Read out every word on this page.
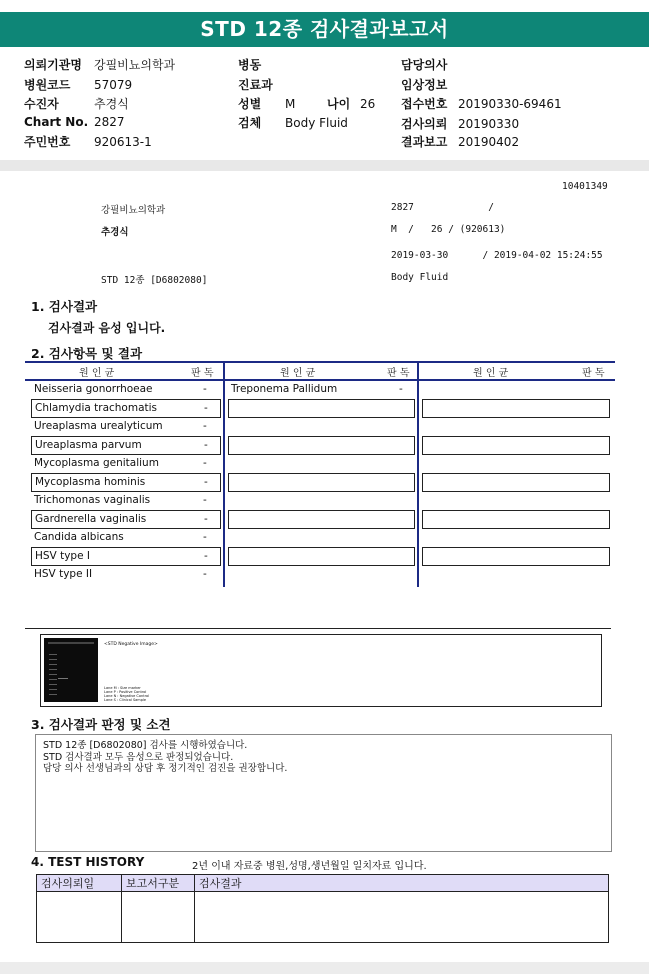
STD 12종 검사결과보고서
의뢰기관명 강필비뇨의학과
병원코드 57079
수진자	추경식
Chart No. 2827
주민번호 920613-1
병동
진료과
성별 M	나이 26
검체 Body Fluid
담당의사
임상정보
접수번호 20190330-69461
검사의뢰 20190330
결과보고 20190402
10401349
강필비뇨의학과	2827             /
추경식	M  /   26 / (920613)
2019-03-30      / 2019-04-02 15:24:55
STD 12종 [D6802080]	Body Fluid
1. 검사결과
검사결과 음성 입니다.
2. 검사항목 및 결과
원 인 균	판 독	원 인 균	판 독	원 인 균	판 독
Neisseria gonorrhoeae	-
Chlamydia trachomatis	-
Ureaplasma urealyticum	-
Ureaplasma parvum	-
Mycoplasma genitalium	-
Mycoplasma hominis	-
Trichomonas vaginalis	-
Gardnerella vaginalis	-
Candida albicans	-
HSV type I	-
HSV type II	-
Treponema Pallidum	-
<STD Negative Image>
Lane M : Size marker
Lane P : Positive Control
Lane N : Negative Control
Lane S : Clinical Sample
3. 검사결과 판정 및 소견
STD 12종 [D6802080] 검사를 시행하였습니다.
STD 검사결과 모두 음성으로 판정되었습니다.
담당 의사 선생님과의 상담 후 정기적인 검진을 권장합니다.
4. TEST HISTORY	2년 이내 자료중 병원,성명,생년월일 일치자료 입니다.
검사의뢰일	보고서구분	검사결과
